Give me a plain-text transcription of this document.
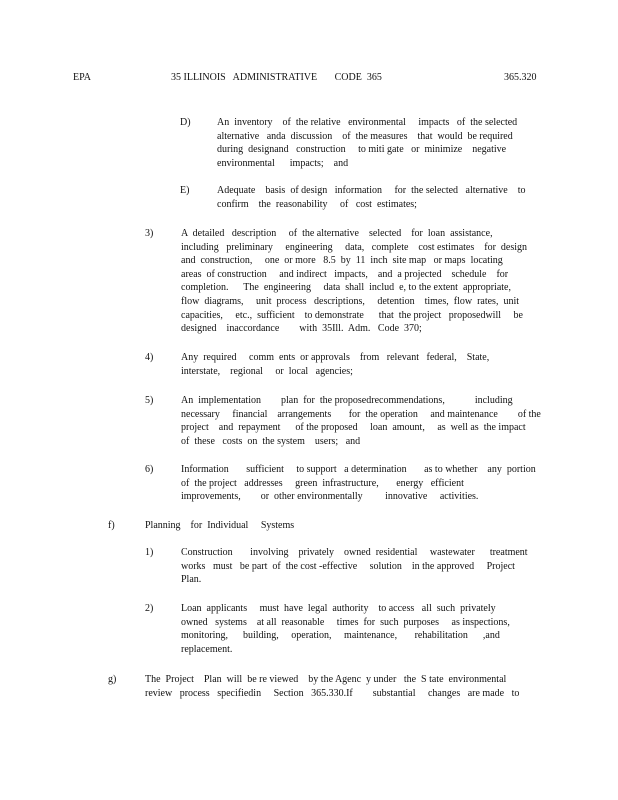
EPA	35 ILLINOIS   ADMINISTRATIVE       CODE  365	365.320
D)	An  inventory    of  the relative   environmental     impacts   of  the selected
alternative   anda  discussion    of  the measures    that  would  be required
during  designand   construction     to miti gate   or  minimize    negative
environmental      impacts;    and
E)	Adequate    basis  of design   information     for  the selected   alternative    to
confirm    the  reasonability     of   cost  estimates;
3)	A  detailed   description     of  the alternative    selected    for  loan  assistance,
including   preliminary     engineering     data,   complete    cost estimates    for  design
and  construction,     one  or more   8.5  by  11  inch  site map   or maps  locating
areas  of construction     and indirect   impacts,    and  a projected    schedule    for
completion.      The  engineering     data  shall  includ  e, to the extent  appropriate,
flow  diagrams,     unit  process   descriptions,     detention    times,  flow  rates,  unit
capacities,     etc.,  sufficient    to demonstrate      that  the project   proposedwill     be
designed    inaccordance        with  35Ill.  Adm.   Code  370;
4)	Any  required     comm  ents  or approvals    from   relevant   federal,    State,
interstate,    regional     or  local   agencies;
5)	An  implementation        plan  for  the proposedrecommendations,            including
necessary     financial    arrangements       for  the operation     and maintenance        of the
project    and  repayment      of the proposed     loan  amount,     as  well as  the impact
of  these   costs  on  the system    users;   and
6)	Information       sufficient     to support   a determination       as to whether    any  portion
of  the project   addresses     green  infrastructure,       energy   efficient
improvements,        or  other environmentally         innovative     activities.
f)	Planning    for  Individual     Systems
1)	Construction       involving    privately    owned  residential     wastewater      treatment
works   must   be part  of  the cost -effective     solution    in the approved     Project
Plan.
2)	Loan  applicants     must  have  legal  authority    to access   all  such  privately
owned   systems    at all  reasonable     times  for  such  purposes     as inspections,
monitoring,      building,     operation,     maintenance,       rehabilitation      ,and
replacement.
g)	The  Project    Plan  will  be re viewed    by the Agenc  y under   the  S tate  environmental
review   process   specifiedin     Section   365.330.If        substantial     changes   are made   to
